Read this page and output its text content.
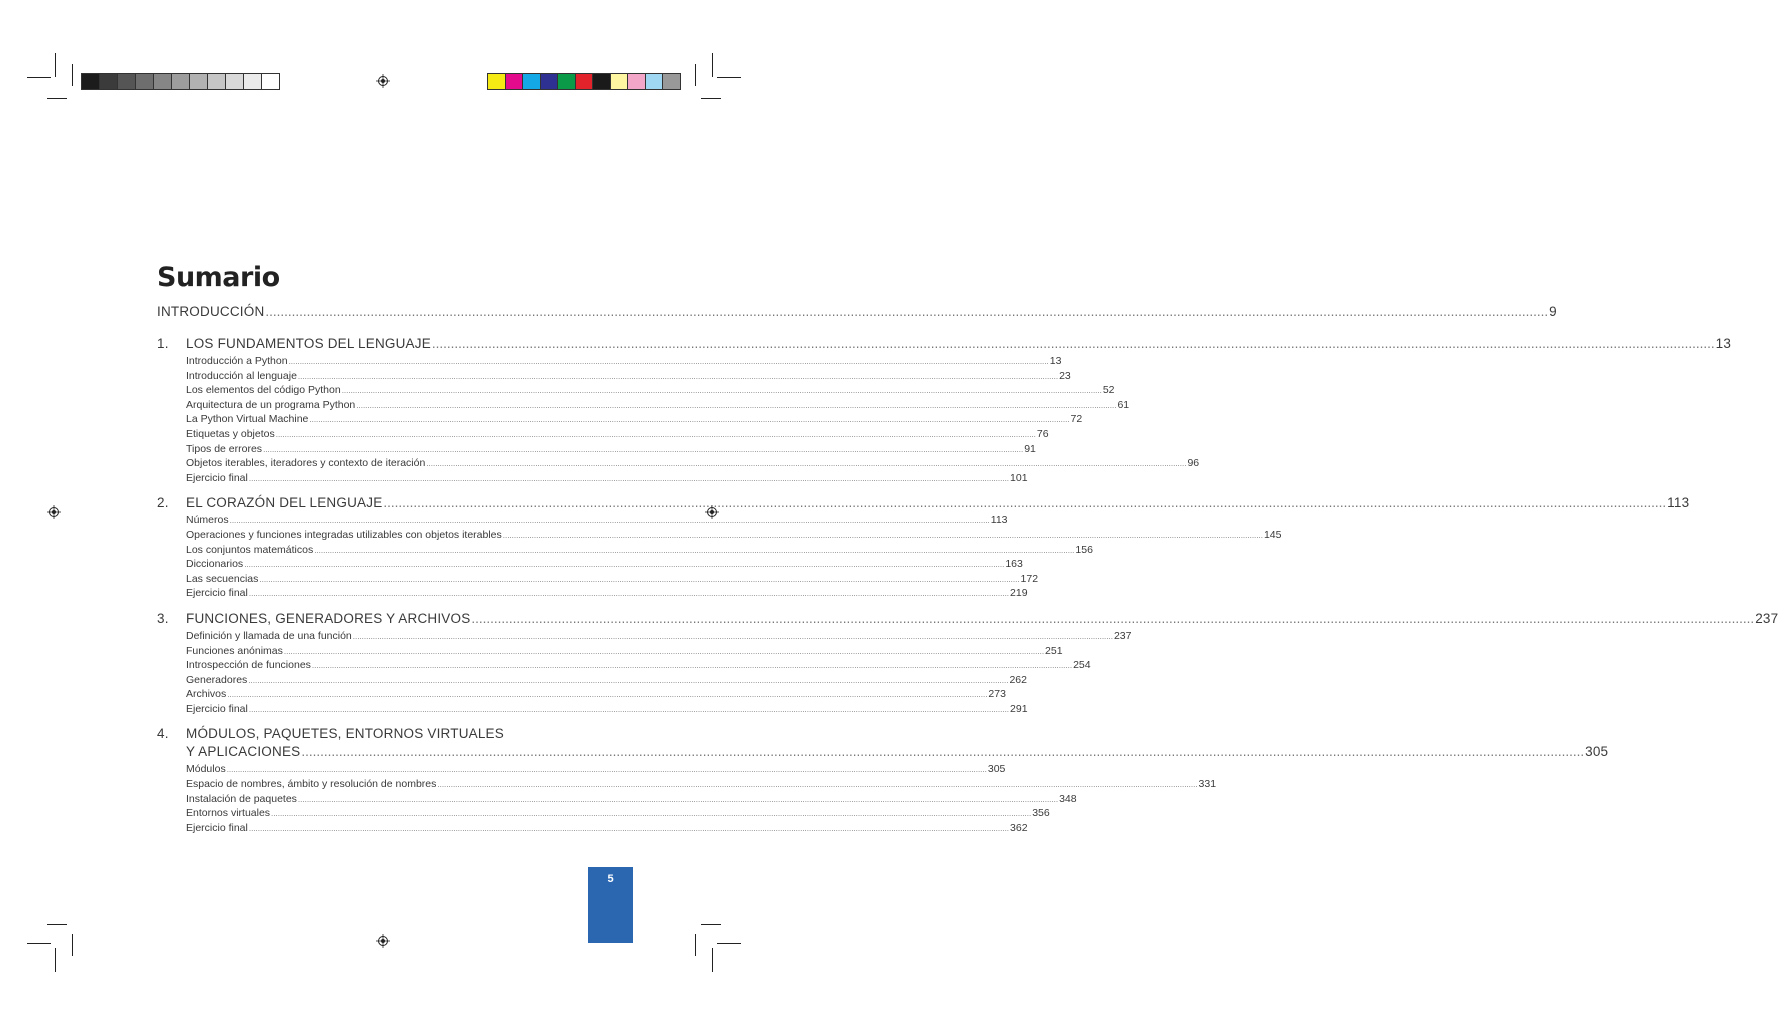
Sumario
INTRODUCCIÓN .....	9
1.	LOS FUNDAMENTOS DEL LENGUAJE .....	13
Introducción a Python .....	13
Introducción al lenguaje .....	23
Los elementos del código Python .....	52
Arquitectura de un programa Python .....	61
La Python Virtual Machine .....	72
Etiquetas y objetos .....	76
Tipos de errores .....	91
Objetos iterables, iteradores y contexto de iteración .....	96
Ejercicio final .....	101
2.	EL CORAZÓN DEL LENGUAJE .....	113
Números .....	113
Operaciones y funciones integradas utilizables con objetos iterables .....	145
Los conjuntos matemáticos .....	156
Diccionarios .....	163
Las secuencias .....	172
Ejercicio final .....	219
3.	FUNCIONES, GENERADORES Y ARCHIVOS .....	237
Definición y llamada de una función .....	237
Funciones anónimas .....	251
Introspección de funciones .....	254
Generadores .....	262
Archivos .....	273
Ejercicio final .....	291
4.	MÓDULOS, PAQUETES, ENTORNOS VIRTUALES
Y APLICACIONES .....	305
Módulos .....	305
Espacio de nombres, ámbito y resolución de nombres .....	331
Instalación de paquetes .....	348
Entornos virtuales .....	356
Ejercicio final .....	362
5
